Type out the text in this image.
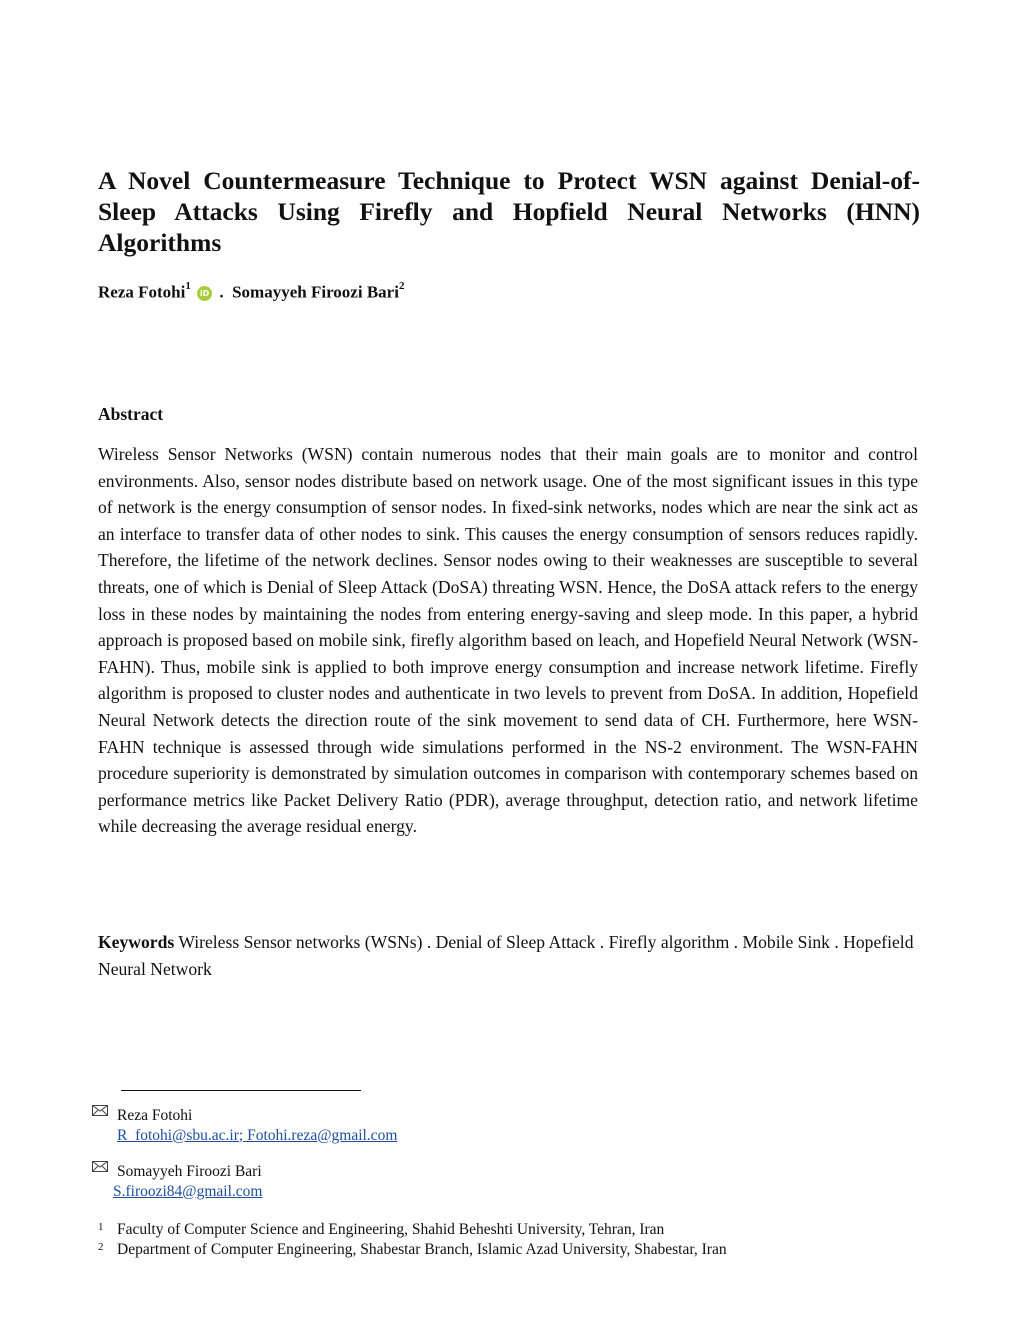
A Novel Countermeasure Technique to Protect WSN against Denial-of-
Sleep Attacks Using Firefly and Hopfield Neural Networks (HNN)
Algorithms
Reza Fotohi$^1$ iD . Somayyeh Firoozi Bari$^2$
Abstract

Wireless Sensor Networks (WSN) contain numerous nodes that their main goals are to monitor and control environments. Also, sensor nodes distribute based on network usage. One of the most significant issues in this type of network is the energy consumption of sensor nodes. In fixed-sink networks, nodes which are near the sink act as an interface to transfer data of other nodes to sink. This causes the energy consumption of sensors reduces rapidly. Therefore, the lifetime of the network declines. Sensor nodes owing to their weaknesses are susceptible to several threats, one of which is Denial of Sleep Attack (DoSA) threating WSN. Hence, the DoSA attack refers to the energy loss in these nodes by maintaining the nodes from entering energy-saving and sleep mode. In this paper, a hybrid approach is proposed based on mobile sink, firefly algorithm based on leach, and Hopefield Neural Network (WSN-FAHN). Thus, mobile sink is applied to both improve energy consumption and increase network lifetime. Firefly algorithm is proposed to cluster nodes and authenticate in two levels to prevent from DoSA. In addition, Hopefield Neural Network detects the direction route of the sink movement to send data of CH. Furthermore, here WSN-FAHN technique is assessed through wide simulations performed in the NS-2 environment. The WSN-FAHN procedure superiority is demonstrated by simulation outcomes in comparison with contemporary schemes based on performance metrics like Packet Delivery Ratio (PDR), average throughput, detection ratio, and network lifetime while decreasing the average residual energy.

Keywords Wireless Sensor networks (WSNs) . Denial of Sleep Attack . Firefly algorithm . Mobile Sink . Hopefield Neural Network

Reza Fotohi
R_fotohi@sbu.ac.ir; Fotohi.reza@gmail.com
Somayyeh Firoozi Bari
S.firoozi84@gmail.com
1 Faculty of Computer Science and Engineering, Shahid Beheshti University, Tehran, Iran
2 Department of Computer Engineering, Shabestar Branch, Islamic Azad University, Shabestar, Iran
